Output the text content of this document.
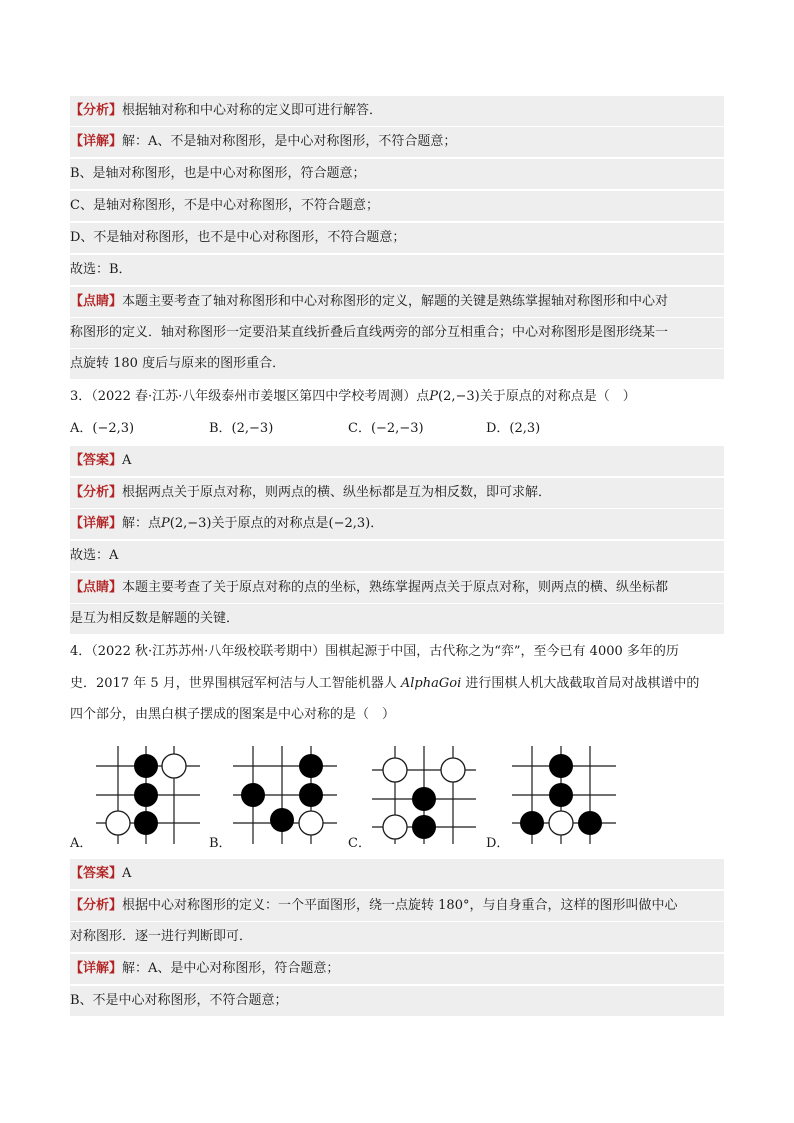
【分析】根据轴对称和中心对称的定义即可进行解答．
【详解】解：A、不是轴对称图形，是中心对称图形，不符合题意；
B、是轴对称图形，也是中心对称图形，符合题意；
C、是轴对称图形，不是中心对称图形，不符合题意；
D、不是轴对称图形，也不是中心对称图形，不符合题意；
故选：B．
【点睛】本题主要考查了轴对称图形和中心对称图形的定义，解题的关键是熟练掌握轴对称图形和中心对
称图形的定义．轴对称图形一定要沿某直线折叠后直线两旁的部分互相重合；中心对称图形是图形绕某一
点旋转 180 度后与原来的图形重合．
3．（2022 春·江苏·八年级泰州市姜堰区第四中学校考周测）点P(2,−3)关于原点的对称点是（　）
A．(−2,3)	B．(2,−3)	C．(−2,−3)	D．(2,3)
【答案】A
【分析】根据两点关于原点对称，则两点的横、纵坐标都是互为相反数，即可求解．
【详解】解：点P(2,−3)关于原点的对称点是(−2,3)．
故选：A
【点睛】本题主要考查了关于原点对称的点的坐标，熟练掌握两点关于原点对称，则两点的横、纵坐标都
是互为相反数是解题的关键．
4．（2022 秋·江苏苏州·八年级校联考期中）围棋起源于中国，古代称之为“弈”，至今已有 4000 多年的历
史．2017 年 5 月，世界围棋冠军柯洁与人工智能机器人 AlphaGoi 进行围棋人机大战截取首局对战棋谱中的
四个部分，由黑白棋子摆成的图案是中心对称的是（　）
A．	B．	C．	D．
【答案】A
【分析】根据中心对称图形的定义：一个平面图形，绕一点旋转 180°，与自身重合，这样的图形叫做中心
对称图形．逐一进行判断即可．
【详解】解：A、是中心对称图形，符合题意；
B、不是中心对称图形，不符合题意；
